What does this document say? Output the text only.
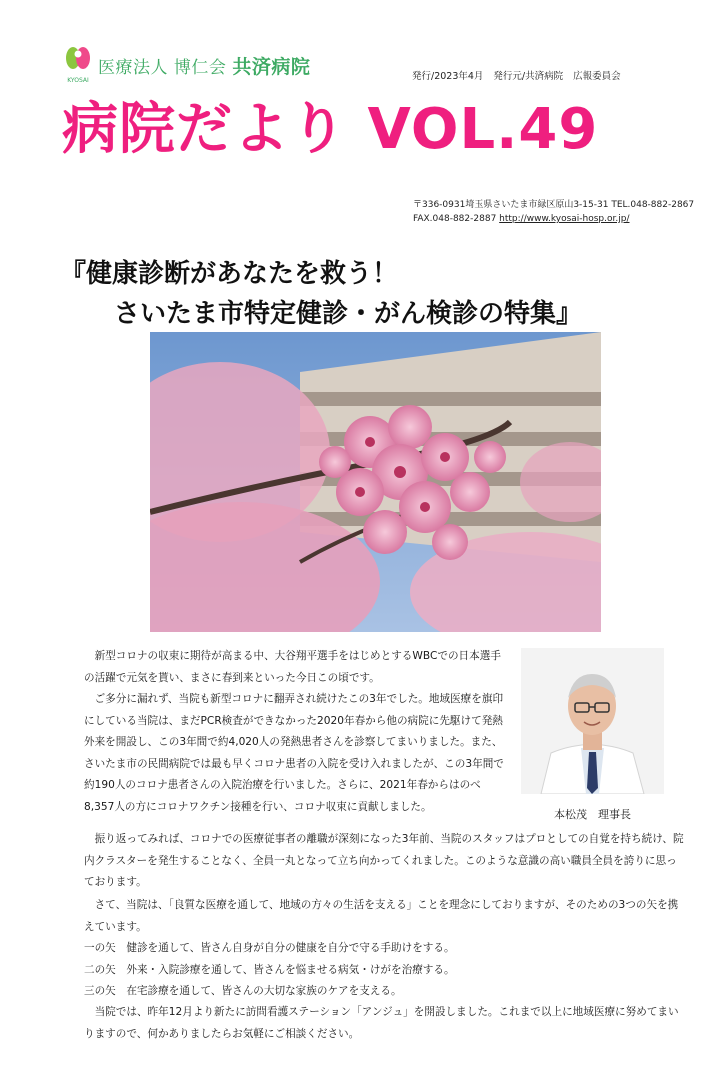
KYOSAI
医療法人 博仁会 共済病院	発行/2023年4月 発行元/共済病院 広報委員会
病院だより VOL.49
〒336-0931埼玉県さいたま市緑区原山3-15-31 TEL.048-882-2867
FAX.048-882-2887 http://www.kyosai-hosp.or.jp/
『健康診断があなたを救う！
さいたま市特定健診・がん検診の特集』

新型コロナの収束に期待が高まる中、大谷翔平選手をはじめとするWBCでの日本選手の活躍で元気を貰い、まさに春到来といった今日この頃です。

ご多分に漏れず、当院も新型コロナに翻弄され続けたこの3年でした。地域医療を旗印にしている当院は、まだPCR検査ができなかった2020年春から他の病院に先駆けて発熱外来を開設し、この3年間で約4,020人の発熱患者さんを診察してまいりました。また、さいたま市の民間病院では最も早くコロナ患者の入院を受け入れましたが、この3年間で約190人のコロナ患者さんの入院治療を行いました。さらに、2021年春からはのべ8,357人の方にコロナワクチン接種を行い、コロナ収束に貢献しました。

本松茂　理事長

振り返ってみれば、コロナでの医療従事者の離職が深刻になった3年前、当院のスタッフはプロとしての自覚を持ち続け、院内クラスターを発生することなく、全員一丸となって立ち向かってくれました。このような意識の高い職員全員を誇りに思っております。

さて、当院は、「良質な医療を通して、地域の方々の生活を支える」ことを理念にしておりますが、そのための3つの矢を携えています。

一の矢　健診を通して、皆さん自身が自分の健康を自分で守る手助けをする。

二の矢　外来・入院診療を通して、皆さんを悩ませる病気・けがを治療する。

三の矢　在宅診療を通して、皆さんの大切な家族のケアを支える。

当院では、昨年12月より新たに訪問看護ステーション「アンジュ」を開設しました。これまで以上に地域医療に努めてまいりますので、何かありましたらお気軽にご相談ください。
